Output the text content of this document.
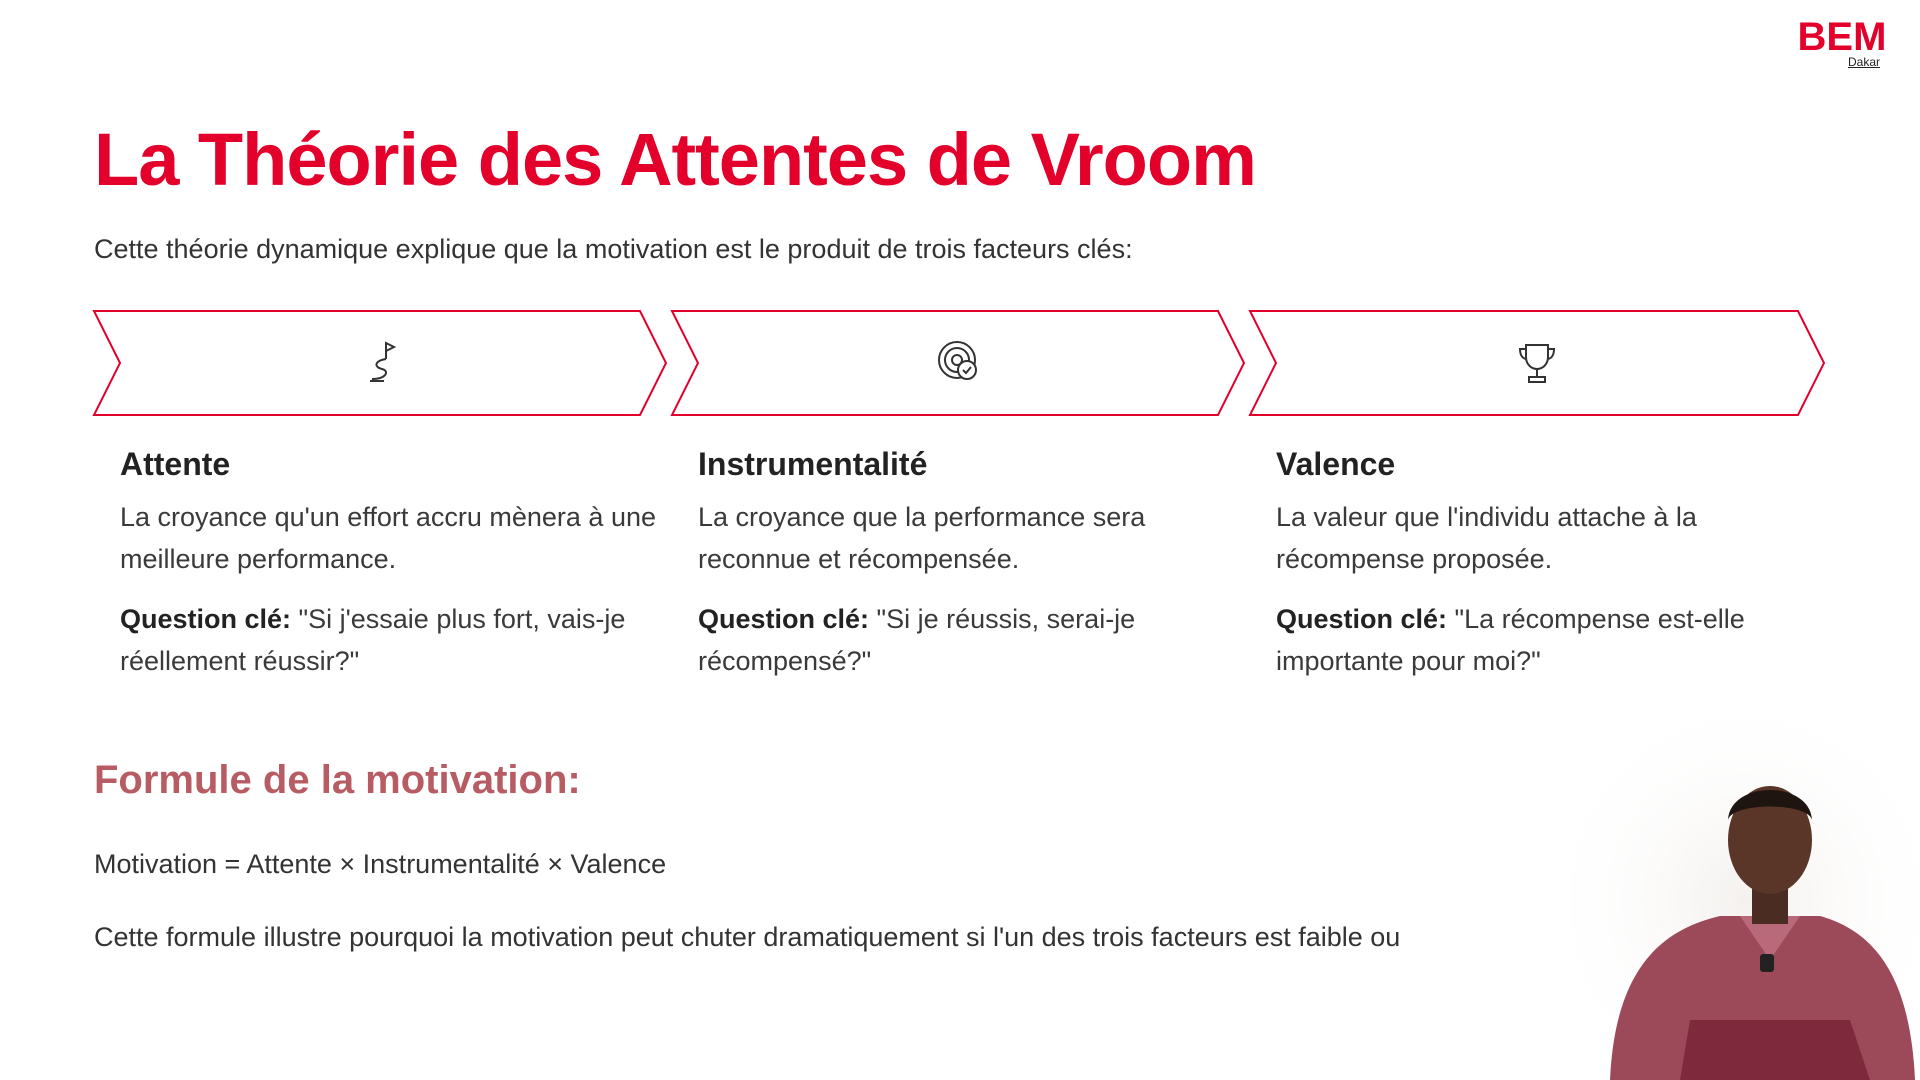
BEM
Dakar
La Théorie des Attentes de Vroom

Cette théorie dynamique explique que la motivation est le produit de trois facteurs clés:

Attente

La croyance qu'un effort accru mènera à une meilleure performance.

Question clé: "Si j'essaie plus fort, vais-je réellement réussir?"

Instrumentalité

La croyance que la performance sera reconnue et récompensée.

Question clé: "Si je réussis, serai-je récompensé?"

Valence

La valeur que l'individu attache à la récompense proposée.

Question clé: "La récompense est-elle importante pour moi?"

Formule de la motivation:

Motivation = Attente × Instrumentalité × Valence

Cette formule illustre pourquoi la motivation peut chuter dramatiquement si l'un des trois facteurs est faible ou
